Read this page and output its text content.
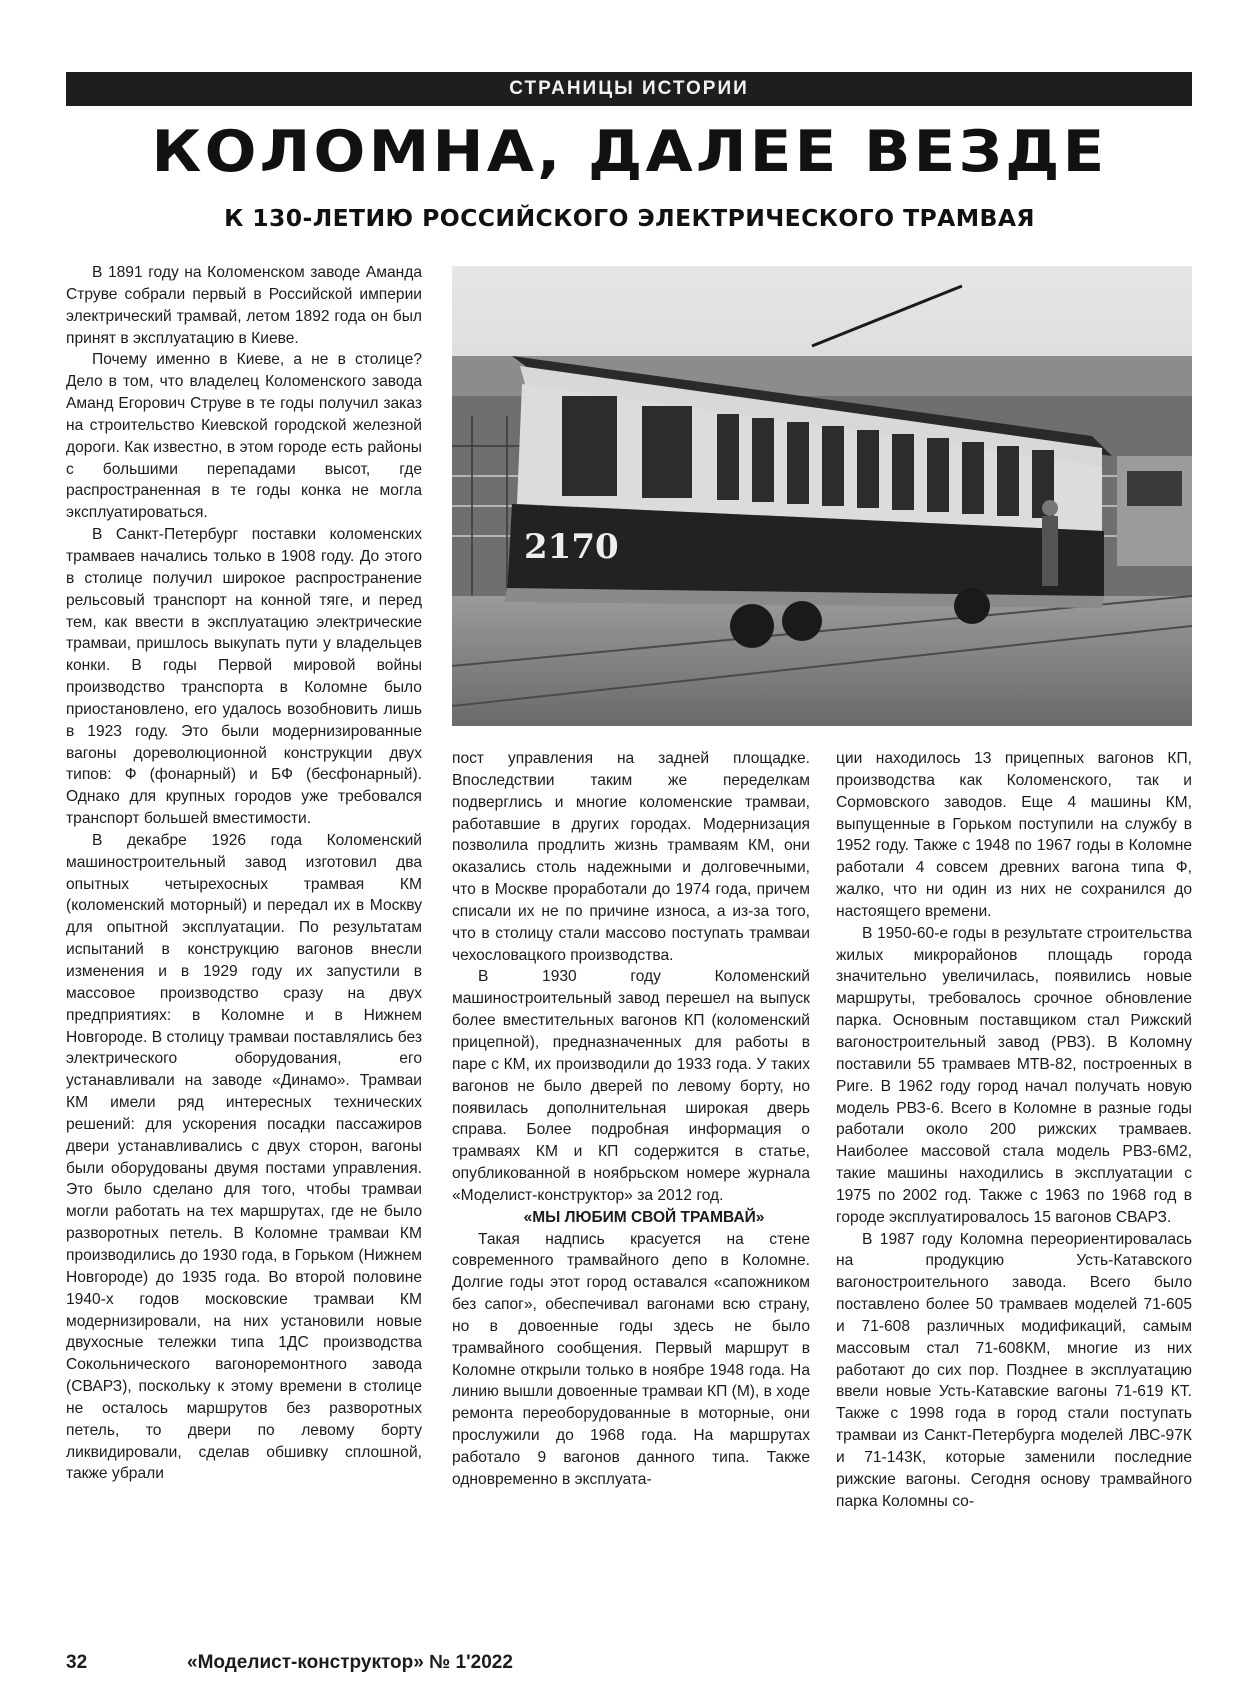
СТРАНИЦЫ ИСТОРИИ
КОЛОМНА, ДАЛЕЕ ВЕЗДЕ
К 130-ЛЕТИЮ РОССИЙСКОГО ЭЛЕКТРИЧЕСКОГО ТРАМВАЯ

В 1891 году на Коломенском заводе Аманда Струве собрали первый в Российской империи электрический трамвай, летом 1892 года он был принят в эксплуатацию в Киеве.

Почему именно в Киеве, а не в столице? Дело в том, что владелец Коломенского завода Аманд Егорович Струве в те годы получил заказ на строительство Киевской городской железной дороги. Как известно, в этом городе есть районы с большими перепадами высот, где распространенная в те годы конка не могла эксплуатироваться.

В Санкт-Петербург поставки коломенских трамваев начались только в 1908 году. До этого в столице получил широкое распространение рельсовый транспорт на конной тяге, и перед тем, как ввести в эксплуатацию электрические трамваи, пришлось выкупать пути у владельцев конки. В годы Первой мировой войны производство транспорта в Коломне было приостановлено, его удалось возобновить лишь в 1923 году. Это были модернизированные вагоны дореволюционной конструкции двух типов: Ф (фонарный) и БФ (бесфонарный). Однако для крупных городов уже требовался транспорт большей вместимости.

В декабре 1926 года Коломенский машиностроительный завод изготовил два опытных четырехосных трамвая КМ (коломенский моторный) и передал их в Москву для опытной эксплуатации. По результатам испытаний в конструкцию вагонов внесли изменения и в 1929 году их запустили в массовое производство сразу на двух предприятиях: в Коломне и в Нижнем Новгороде. В столицу трамваи поставлялись без электрического оборудования, его устанавливали на заводе «Динамо». Трамваи КМ имели ряд интересных технических решений: для ускорения посадки пассажиров двери устанавливались с двух сторон, вагоны были оборудованы двумя постами управления. Это было сделано для того, чтобы трамваи могли работать на тех маршрутах, где не было разворотных петель. В Коломне трамваи КМ производились до 1930 года, в Горьком (Нижнем Новгороде) до 1935 года. Во второй половине 1940-х годов московские трамваи КМ модернизировали, на них установили новые двухосные тележки типа 1ДС производства Сокольнического вагоноремонтного завода (СВАРЗ), поскольку к этому времени в столице не осталось маршрутов без разворотных петель, то двери по левому борту ликвидировали, сделав обшивку сплошной, также убрали

2170

пост управления на задней площадке. Впоследствии таким же переделкам подверглись и многие коломенские трамваи, работавшие в других городах. Модернизация позволила продлить жизнь трамваям КМ, они оказались столь надежными и долговечными, что в Москве проработали до 1974 года, причем списали их не по причине износа, а из-за того, что в столицу стали массово поступать трамваи чехословацкого производства.

В 1930 году Коломенский машиностроительный завод перешел на выпуск более вместительных вагонов КП (коломенский прицепной), предназначенных для работы в паре с КМ, их производили до 1933 года. У таких вагонов не было дверей по левому борту, но появилась дополнительная широкая дверь справа. Более подробная информация о трамваях КМ и КП содержится в статье, опубликованной в ноябрьском номере журнала «Моделист-конструктор» за 2012 год.

«МЫ ЛЮБИМ СВОЙ ТРАМВАЙ»

Такая надпись красуется на стене современного трамвайного депо в Коломне. Долгие годы этот город оставался «сапожником без сапог», обеспечивал вагонами всю страну, но в довоенные годы здесь не было трамвайного сообщения. Первый маршрут в Коломне открыли только в ноябре 1948 года. На линию вышли довоенные трамваи КП (М), в ходе ремонта переоборудованные в моторные, они прослужили до 1968 года. На маршрутах работало 9 вагонов данного типа. Также одновременно в эксплуата-

ции находилось 13 прицепных вагонов КП, производства как Коломенского, так и Сормовского заводов. Еще 4 машины КМ, выпущенные в Горьком поступили на службу в 1952 году. Также с 1948 по 1967 годы в Коломне работали 4 совсем древних вагона типа Ф, жалко, что ни один из них не сохранился до настоящего времени.

В 1950-60-е годы в результате строительства жилых микрорайонов площадь города значительно увеличилась, появились новые маршруты, требовалось срочное обновление парка. Основным поставщиком стал Рижский вагоностроительный завод (РВЗ). В Коломну поставили 55 трамваев МТВ-82, построенных в Риге. В 1962 году город начал получать новую модель РВЗ-6. Всего в Коломне в разные годы работали около 200 рижских трамваев. Наиболее массовой стала модель РВЗ-6М2, такие машины находились в эксплуатации с 1975 по 2002 год. Также с 1963 по 1968 год в городе эксплуатировалось 15 вагонов СВАРЗ.

В 1987 году Коломна переориентировалась на продукцию Усть-Катавского вагоностроительного завода. Всего было поставлено более 50 трамваев моделей 71-605 и 71-608 различных модификаций, самым массовым стал 71-608КМ, многие из них работают до сих пор. Позднее в эксплуатацию ввели новые Усть-Катавские вагоны 71-619 КТ. Также с 1998 года в город стали поступать трамваи из Санкт-Петербурга моделей ЛВС-97К и 71-143К, которые заменили последние рижские вагоны. Сегодня основу трамвайного парка Коломны со-

32	«Моделист-конструктор» № 1'2022
